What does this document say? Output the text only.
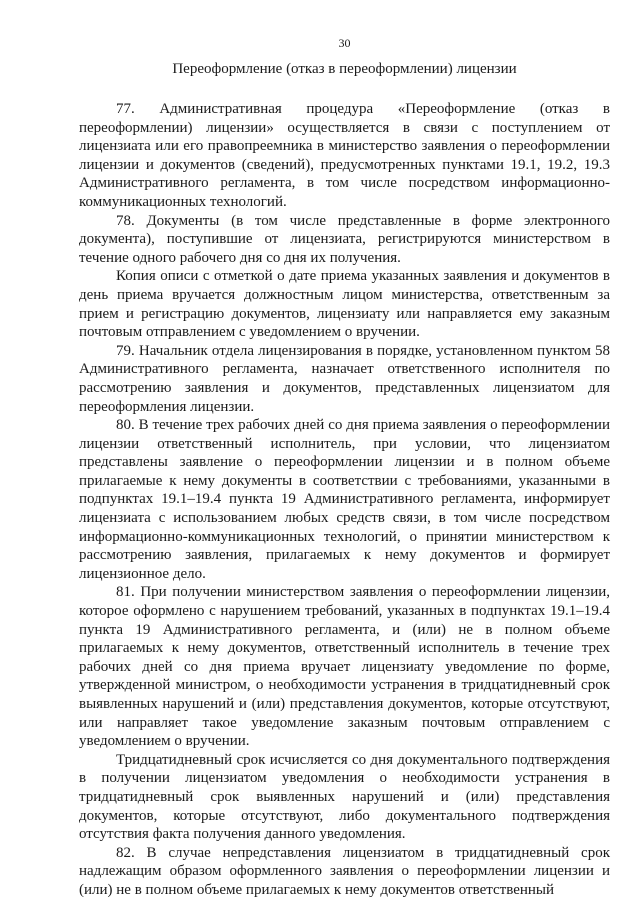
30
Переоформление (отказ в переоформлении) лицензии

77. Административная процедура «Переоформление (отказ в переоформлении) лицензии» осуществляется в связи с поступлением от лицензиата или его правопреемника в министерство заявления о переоформлении лицензии и документов (сведений), предусмотренных пунктами 19.1, 19.2, 19.3 Административного регламента, в том числе посредством информационно-коммуникационных технологий.

78. Документы (в том числе представленные в форме электронного документа), поступившие от лицензиата, регистрируются министерством в течение одного рабочего дня со дня их получения.

Копия описи с отметкой о дате приема указанных заявления и документов в день приема вручается должностным лицом министерства, ответственным за прием и регистрацию документов, лицензиату или направляется ему заказным почтовым отправлением с уведомлением о вручении.

79. Начальник отдела лицензирования в порядке, установленном пунктом 58 Административного регламента, назначает ответственного исполнителя по рассмотрению заявления и документов, представленных лицензиатом для переоформления лицензии.

80. В течение трех рабочих дней со дня приема заявления о переоформлении лицензии ответственный исполнитель, при условии, что лицензиатом представлены заявление о переоформлении лицензии и в полном объеме прилагаемые к нему документы в соответствии с требованиями, указанными в подпунктах 19.1–19.4 пункта 19 Административного регламента, информирует лицензиата с использованием любых средств связи, в том числе посредством информационно-коммуникационных технологий, о принятии министерством к рассмотрению заявления, прилагаемых к нему документов и формирует лицензионное дело.

81. При получении министерством заявления о переоформлении лицензии, которое оформлено с нарушением требований, указанных в подпунктах 19.1–19.4 пункта 19 Административного регламента, и (или) не в полном объеме прилагаемых к нему документов, ответственный исполнитель в течение трех рабочих дней со дня приема вручает лицензиату уведомление по форме, утвержденной министром, о необходимости устранения в тридцатидневный срок выявленных нарушений и (или) представления документов, которые отсутствуют, или направляет такое уведомление заказным почтовым отправлением с уведомлением о вручении.

Тридцатидневный срок исчисляется со дня документального подтверждения в получении лицензиатом уведомления о необходимости устранения в тридцатидневный срок выявленных нарушений и (или) представления документов, которые отсутствуют, либо документального подтверждения отсутствия факта получения данного уведомления.

82. В случае непредставления лицензиатом в тридцатидневный срок надлежащим образом оформленного заявления о переоформлении лицензии и (или) не в полном объеме прилагаемых к нему документов ответственный
